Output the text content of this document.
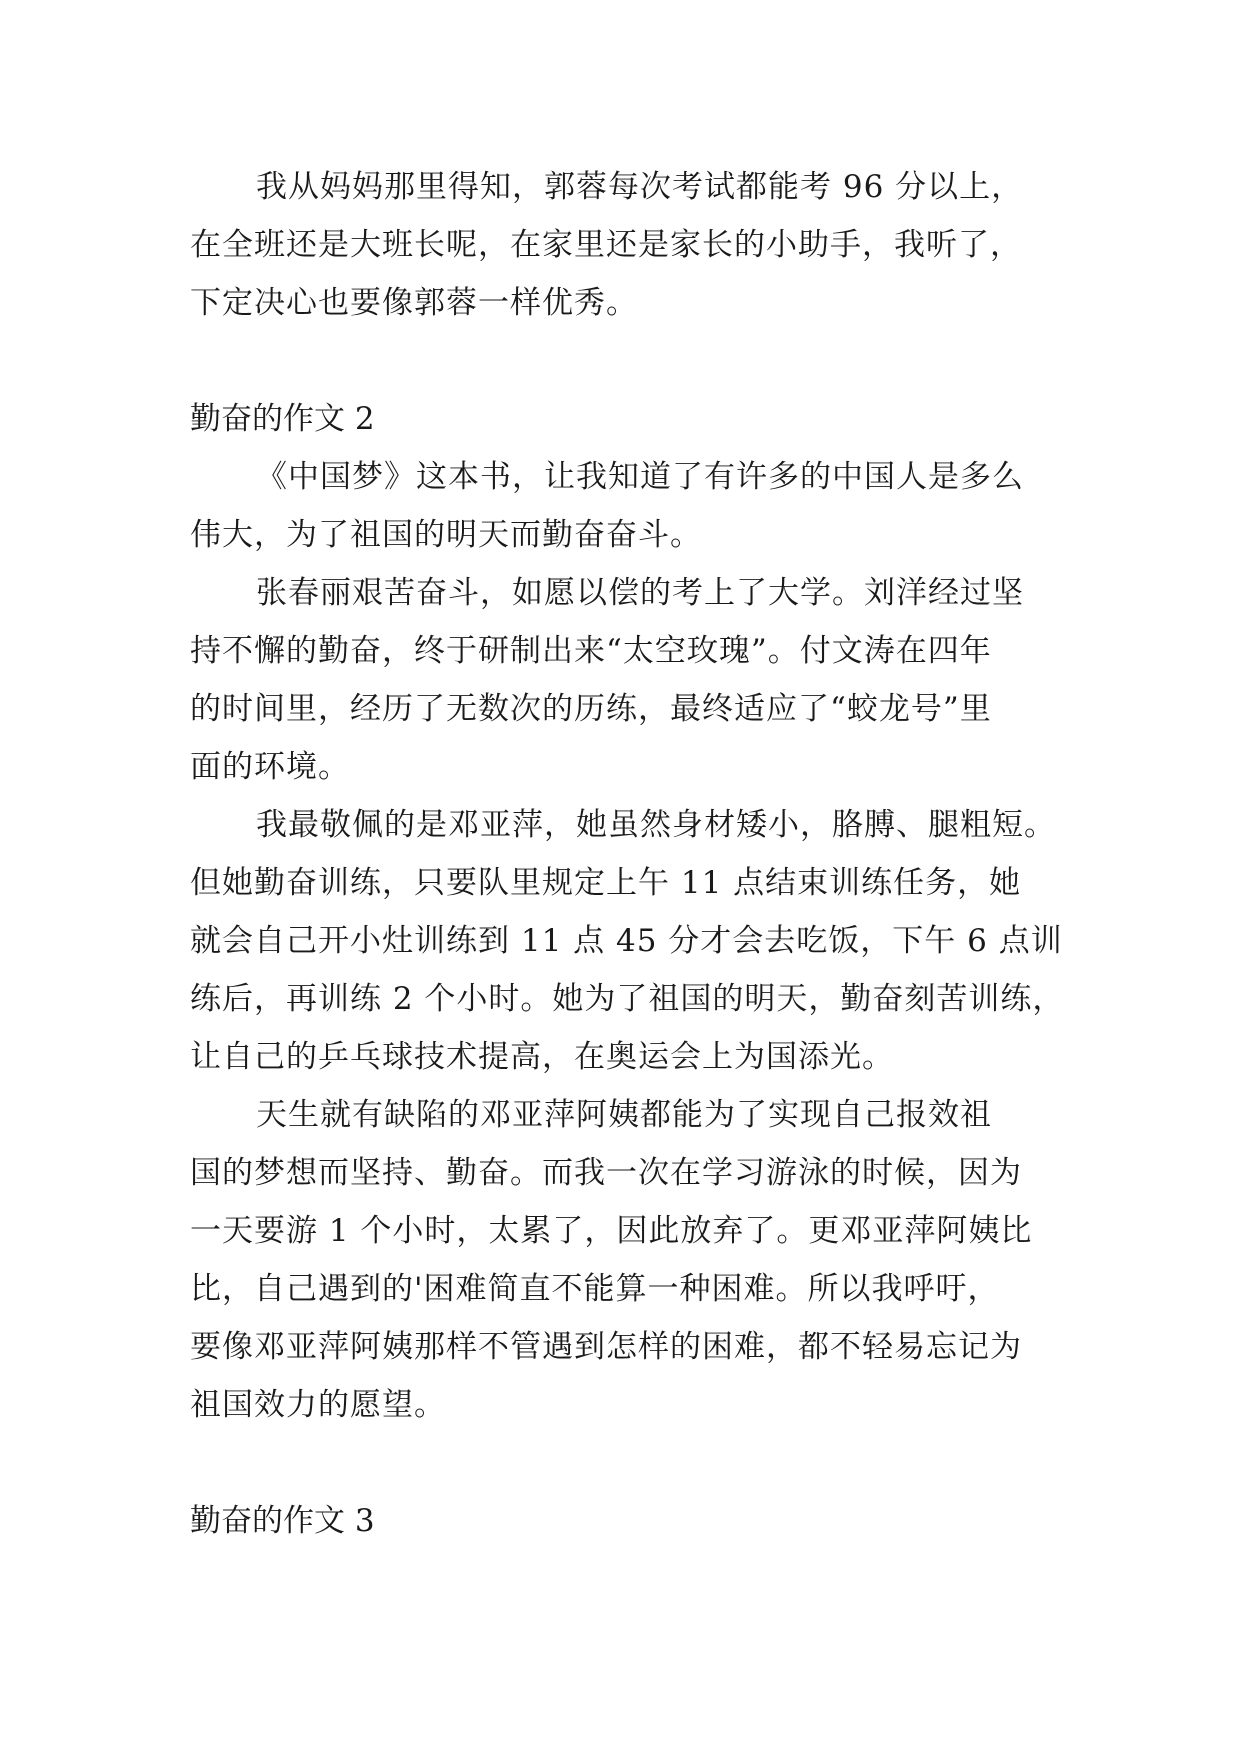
我从妈妈那里得知，郭蓉每次考试都能考 96 分以上，
在全班还是大班长呢，在家里还是家长的小助手，我听了，
下定决心也要像郭蓉一样优秀。
勤奋的作文 2
《中国梦》这本书，让我知道了有许多的中国人是多么
伟大，为了祖国的明天而勤奋奋斗。
张春丽艰苦奋斗，如愿以偿的考上了大学。刘洋经过坚
持不懈的勤奋，终于研制出来“太空玫瑰”。付文涛在四年
的时间里，经历了无数次的历练，最终适应了“蛟龙号”里
面的环境。
我最敬佩的是邓亚萍，她虽然身材矮小，胳膊、腿粗短。
但她勤奋训练，只要队里规定上午 11 点结束训练任务，她
就会自己开小灶训练到 11 点 45 分才会去吃饭，下午 6 点训
练后，再训练 2 个小时。她为了祖国的明天，勤奋刻苦训练，
让自己的乒乓球技术提高，在奥运会上为国添光。
天生就有缺陷的邓亚萍阿姨都能为了实现自己报效祖
国的梦想而坚持、勤奋。而我一次在学习游泳的时候，因为
一天要游 1 个小时，太累了，因此放弃了。更邓亚萍阿姨比
比，自己遇到的'困难简直不能算一种困难。所以我呼吁，
要像邓亚萍阿姨那样不管遇到怎样的困难，都不轻易忘记为
祖国效力的愿望。
勤奋的作文 3
